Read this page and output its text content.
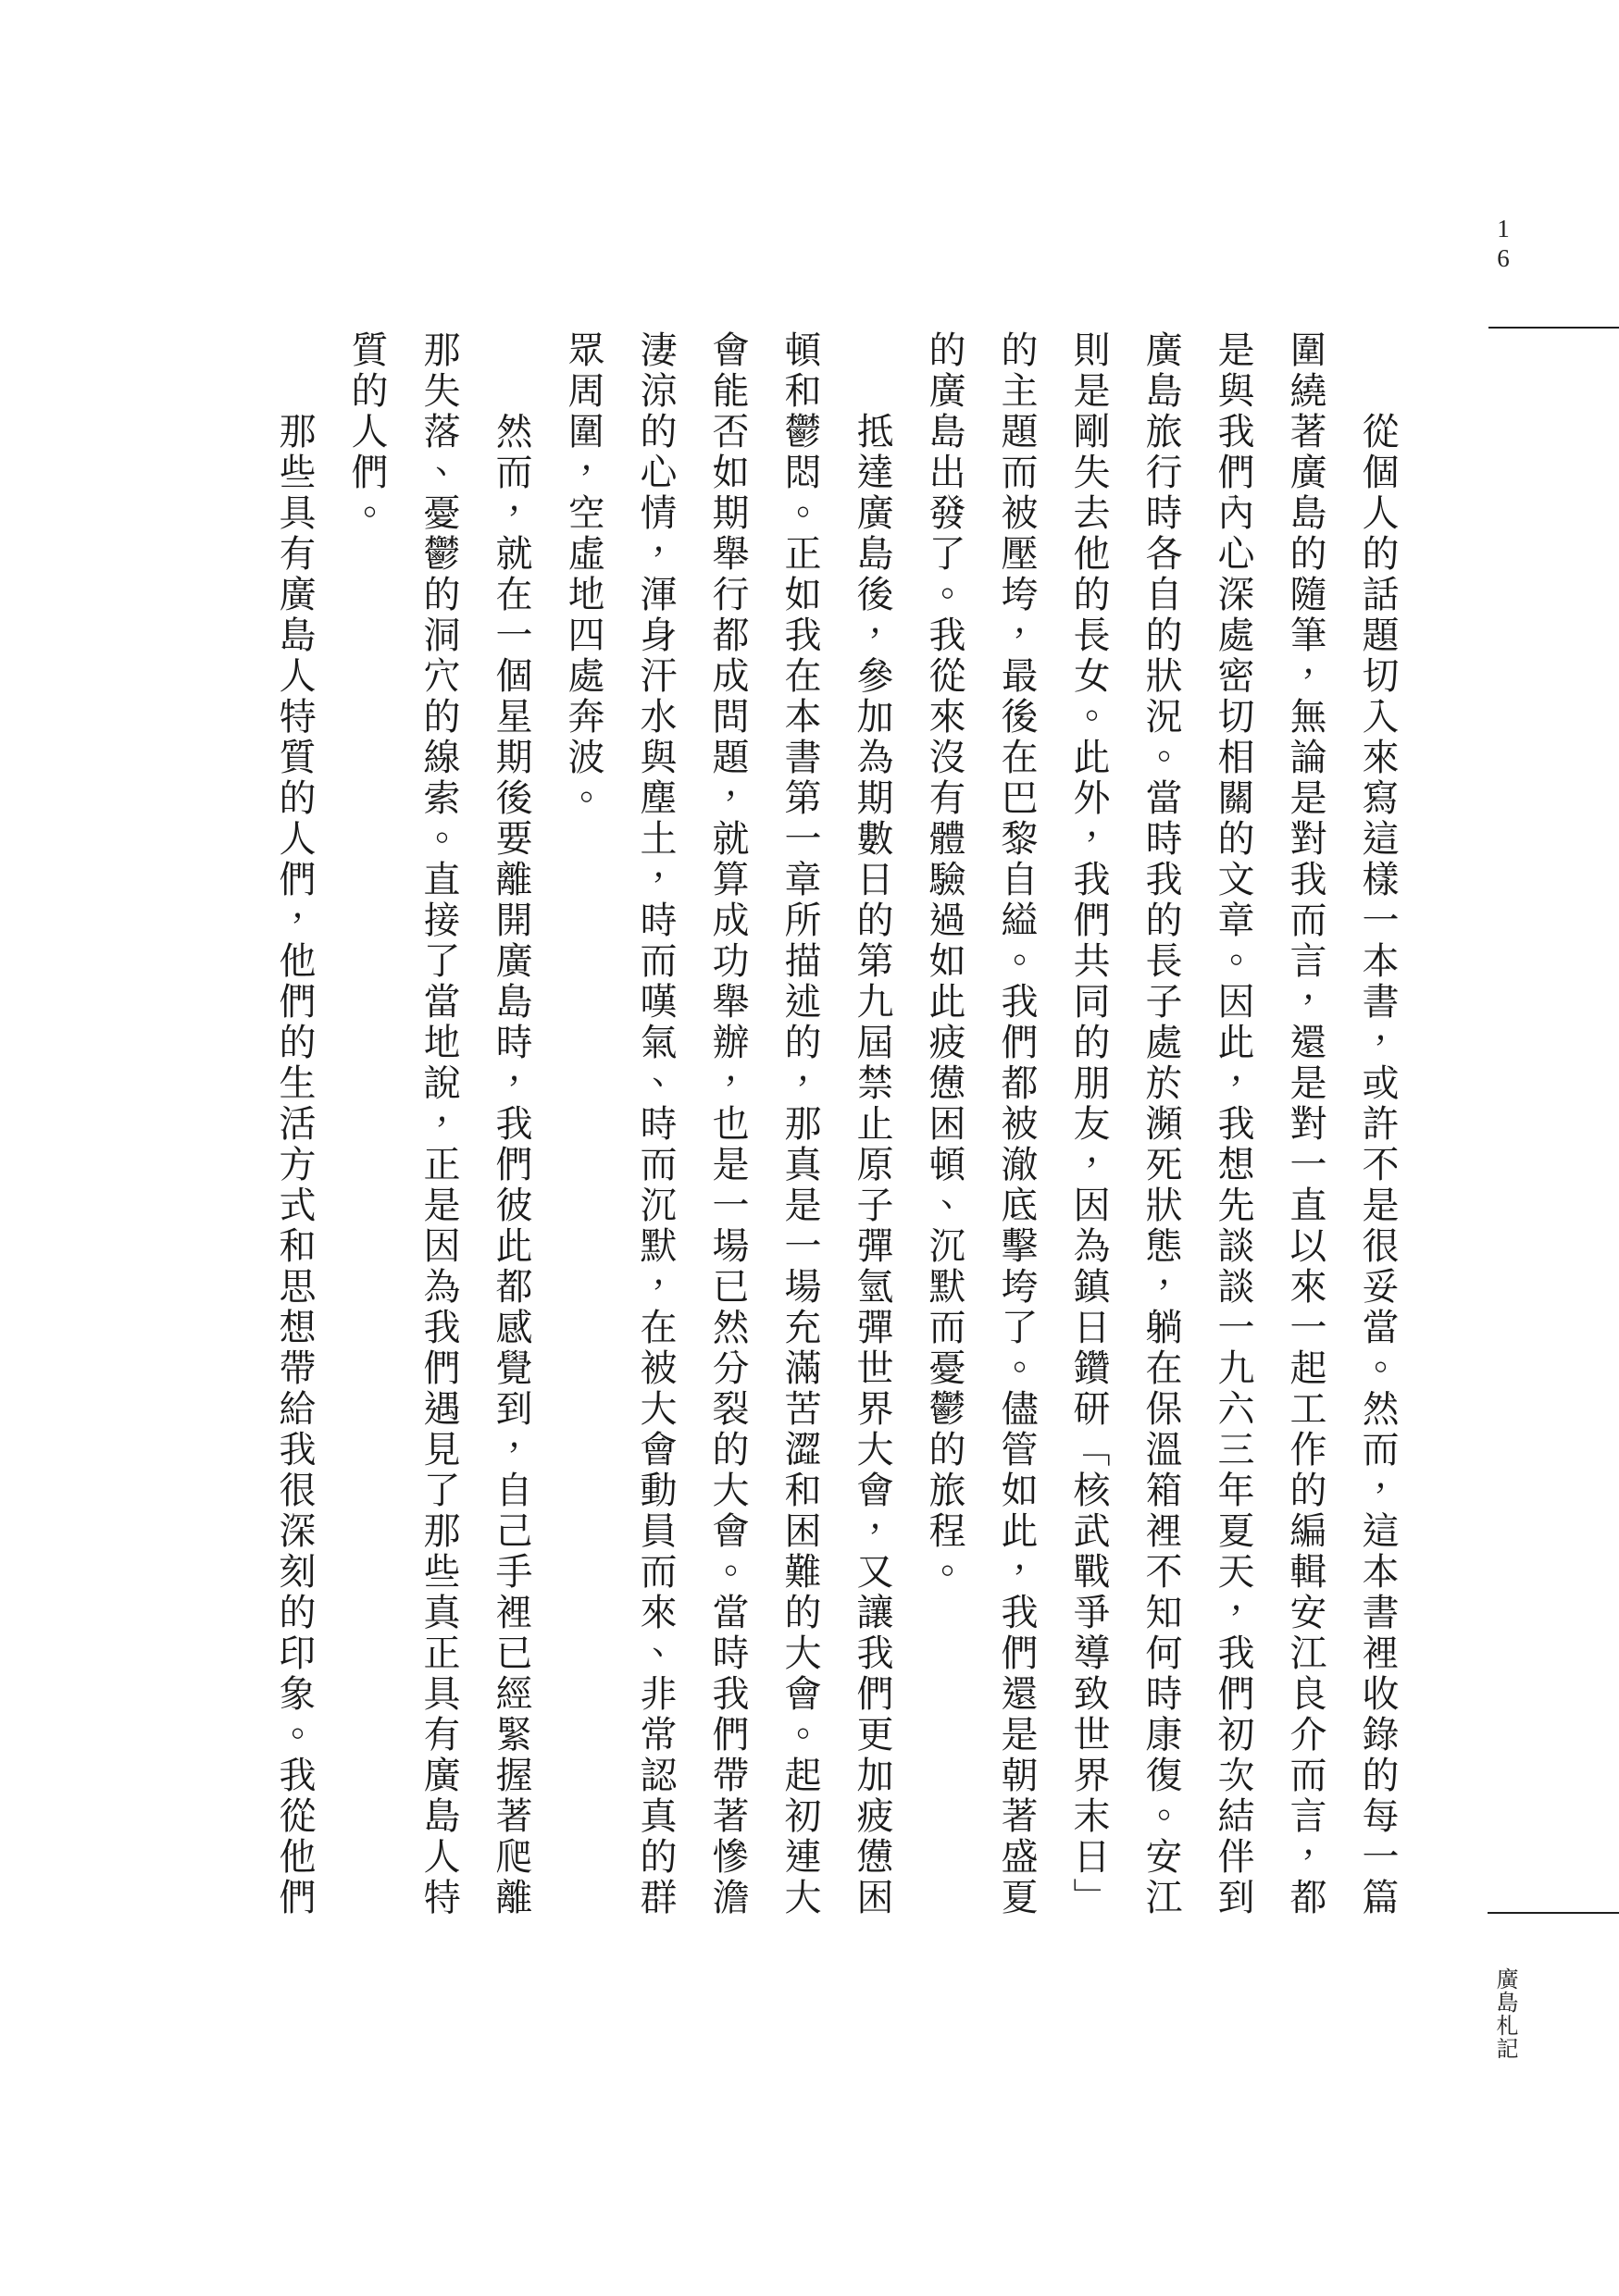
16

從個人的話題切入來寫這樣一本書，或許不是很妥當。然而，這本書裡收錄的每一篇圍繞著廣島的隨筆，無論是對我而言，還是對一直以來一起工作的編輯安江良介而言，都是與我們內心深處密切相關的文章。因此，我想先談談一九六三年夏天，我們初次結伴到廣島旅行時各自的狀況。當時我的長子處於瀕死狀態，躺在保溫箱裡不知何時康復。安江則是剛失去他的長女。此外，我們共同的朋友，因為鎮日鑽研「核武戰爭導致世界末日」的主題而被壓垮，最後在巴黎自縊。我們都被澈底擊垮了。儘管如此，我們還是朝著盛夏的廣島出發了。我從來沒有體驗過如此疲憊困頓、沉默而憂鬱的旅程。

抵達廣島後，參加為期數日的第九屆禁止原子彈氫彈世界大會，又讓我們更加疲憊困頓和鬱悶。正如我在本書第一章所描述的，那真是一場充滿苦澀和困難的大會。起初連大會能否如期舉行都成問題，就算成功舉辦，也是一場已然分裂的大會。當時我們帶著慘澹淒涼的心情，渾身汗水與塵土，時而嘆氣、時而沉默，在被大會動員而來、非常認真的群眾周圍，空虛地四處奔波。

然而，就在一個星期後要離開廣島時，我們彼此都感覺到，自己手裡已經緊握著爬離那失落、憂鬱的洞穴的線索。直接了當地說，正是因為我們遇見了那些真正具有廣島人特質的人們。

那些具有廣島人特質的人們，他們的生活方式和思想帶給我很深刻的印象。我從他們

廣島札記
